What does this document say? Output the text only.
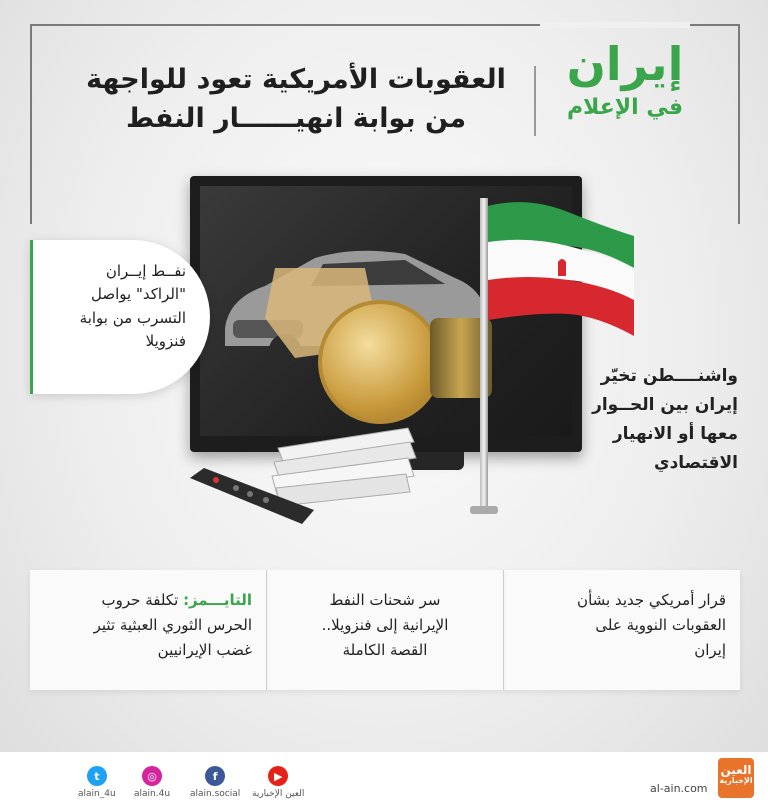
إيران
في الإعلام
العقوبات الأمريكية تعود للواجهة
من بوابة انهيــــــار النفط
نفــط إيــران
"الراكد" يواصل
التسرب من بوابة
فنزويلا
واشنــــطن تخيّر
إيران بين الحــوار
معها أو الانهيار
الاقتصادي
قرار أمريكي جديد بشأن
العقوبات النووية على
إيران
سر شحنات النفط
الإيرانية إلى فنزويلا..
القصة الكاملة
التايـــمز: تكلفة حروب
الحرس الثوري العبثية تثير
غضب الإيرانيين
t
alain_4u
◎
alain.4u
f
alain.social
▶
العين الإخبارية	al-ain.com
العين
الإخبارية
